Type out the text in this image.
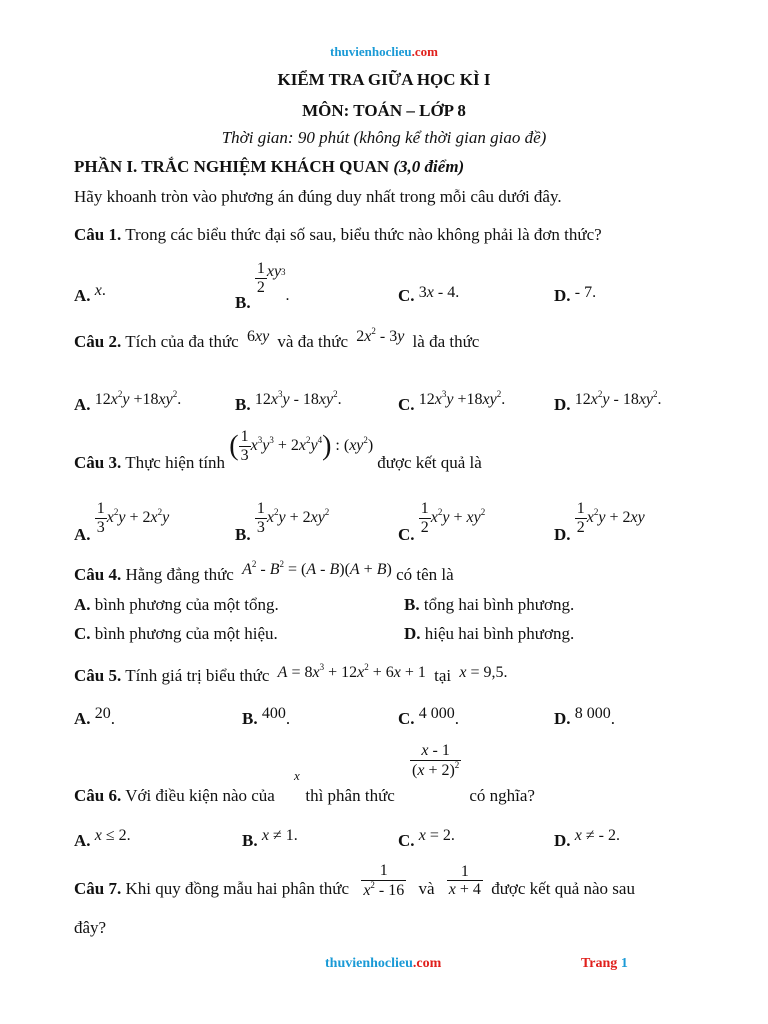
thuvienhoclieu.com
KIỂM TRA GIỮA HỌC KÌ I
MÔN: TOÁN – LỚP 8
Thời gian: 90 phút (không kể thời gian giao đề)
PHẦN I. TRẮC NGHIỆM KHÁCH QUAN (3,0 điểm)
Hãy khoanh tròn vào phương án đúng duy nhất trong mỗi câu dưới đây.
Câu 1. Trong các biểu thức đại số sau, biểu thức nào không phải là đơn thức?
A. x.
B.
$\frac{1}{2} xy^3$.	C. 3x - 4.	D. - 7.
Câu 2. Tích của đa thức  6xy và đa thức  $2x^2 - 3y$ là đa thức
A. $12x^2y +18xy^2$.	B. $12x^3y - 18xy^2$.	C. $12x^3y +18xy^2$.	D. $12x^2y - 18xy^2$.
Câu 3. Thực hiện tính ( $\frac{1}{3} x^3y^3 + 2x^2y^4$) : $(xy^2)$ được kết quả là
A. $\frac{1}{3} x^2y + 2x^2y$
B. $\frac{1}{3} x^2y + 2xy^2$
C. $\frac{1}{2} x^2y + xy^2$
D. $\frac{1}{2} x^2y + 2xy$
Câu 4. Hằng đẳng thức $A^2 - B^2 = (A - B)(A + B)$ có tên là
A. bình phương của một tổng.	B. tổng hai bình phương.
C. bình phương của một hiệu.	D. hiệu hai bình phương.
Câu 5. Tính giá trị biểu thức $A = 8x^3 + 12x^2 + 6x + 1$  tại x = 9,5.
A. 20.	B. 400.	C. 4 000.	D. 8 000.
$\frac{x - 1}{(x + 2)^2}$
x
Câu 6. Với điều kiện nào của thì phân thức	có nghĩa?
A. x ≤ 2.	B. x ≠ 1.	C. x = 2.	D. x ≠ - 2.
Câu 7. Khi quy đồng mẫu hai phân thức $\frac{1}{x^2 - 16}$ và $\frac{1}{x + 4}$ được kết quả nào sau
đây?
thuvienhoclieu.com	Trang 1
